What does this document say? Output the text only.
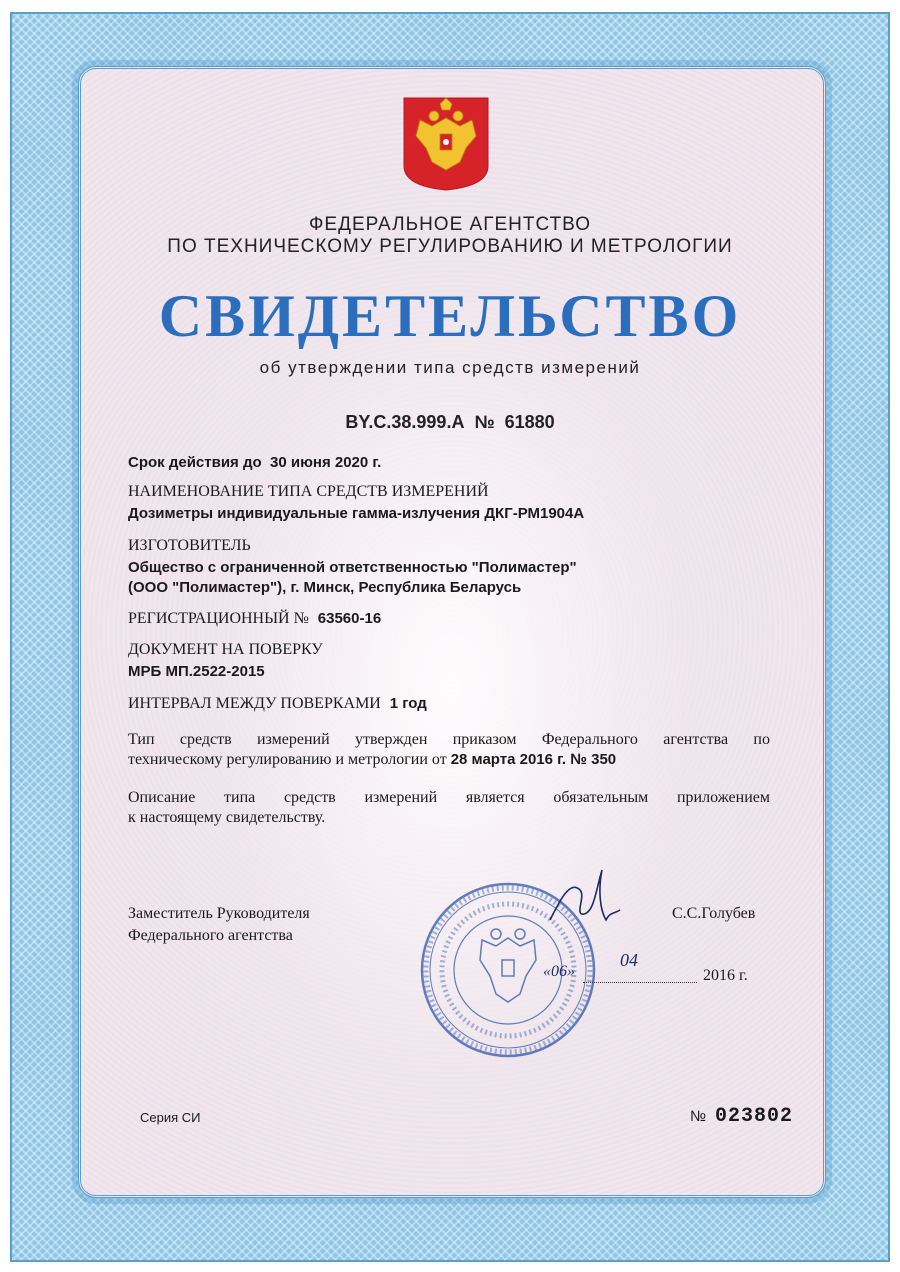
ФЕДЕРАЛЬНОЕ АГЕНТСТВО
ПО ТЕХНИЧЕСКОМУ РЕГУЛИРОВАНИЮ И МЕТРОЛОГИИ
СВИДЕТЕЛЬСТВО
об утверждении типа средств измерений
BY.C.38.999.A № 61880
Срок действия до 30 июня 2020 г.
НАИМЕНОВАНИЕ ТИПА СРЕДСТВ ИЗМЕРЕНИЙ
Дозиметры индивидуальные гамма-излучения ДКГ-РМ1904А
ИЗГОТОВИТЕЛЬ
Общество с ограниченной ответственностью "Полимастер"
(ООО "Полимастер"), г. Минск, Республика Беларусь
РЕГИСТРАЦИОННЫЙ № 63560-16
ДОКУМЕНТ НА ПОВЕРКУ
МРБ МП.2522-2015
ИНТЕРВАЛ МЕЖДУ ПОВЕРКАМИ 1 год
Тип средств измерений утвержден приказом Федерального агентства по
техническому регулированию и метрологии от 28 марта 2016 г. № 350
Описание типа средств измерений является обязательным приложением
к настоящему свидетельству.
Заместитель Руководителя
Федерального агентства
С.С.Голубев
«06»
04
2016 г.
Серия СИ	№ 023802
